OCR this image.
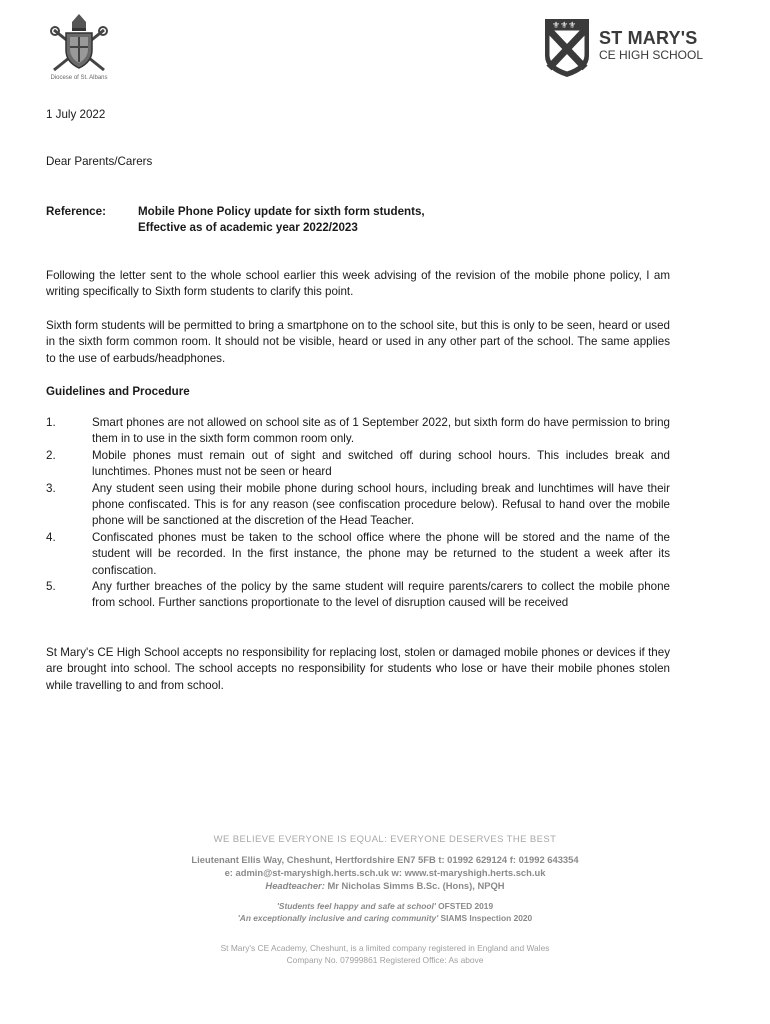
Diocese of St. Albans
⚜⚜⚜
ST MARY'S
CE HIGH SCHOOL
1 July 2022
Dear Parents/Carers
Reference:	Mobile Phone Policy update for sixth form students,
Effective as of academic year 2022/2023

Following the letter sent to the whole school earlier this week advising of the revision of the mobile phone policy, I am writing specifically to Sixth form students to clarify this point.

Sixth form students will be permitted to bring a smartphone on to the school site, but this is only to be seen, heard or used in the sixth form common room. It should not be visible, heard or used in any other part of the school. The same applies to the use of earbuds/headphones.

Guidelines and Procedure
1.	Smart phones are not allowed on school site as of 1 September 2022, but sixth form do have permission to bring them in to use in the sixth form common room only.
2.	Mobile phones must remain out of sight and switched off during school hours. This includes break and lunchtimes. Phones must not be seen or heard
3.	Any student seen using their mobile phone during school hours, including break and lunchtimes will have their phone confiscated. This is for any reason (see confiscation procedure below). Refusal to hand over the mobile phone will be sanctioned at the discretion of the Head Teacher.
4.	Confiscated phones must be taken to the school office where the phone will be stored and the name of the student will be recorded. In the first instance, the phone may be returned to the student a week after its confiscation.
5.	Any further breaches of the policy by the same student will require parents/carers to collect the mobile phone from school. Further sanctions proportionate to the level of disruption caused will be received

St Mary's CE High School accepts no responsibility for replacing lost, stolen or damaged mobile phones or devices if they are brought into school. The school accepts no responsibility for students who lose or have their mobile phones stolen while travelling to and from school.

WE BELIEVE EVERYONE IS EQUAL: EVERYONE DESERVES THE BEST
Lieutenant Ellis Way, Cheshunt, Hertfordshire EN7 5FB t: 01992 629124 f: 01992 643354
e: admin@st-maryshigh.herts.sch.uk w: www.st-maryshigh.herts.sch.uk
Headteacher: Mr Nicholas Simms B.Sc. (Hons), NPQH
'Students feel happy and safe at school' OFSTED 2019
'An exceptionally inclusive and caring community' SIAMS Inspection 2020
St Mary's CE Academy, Cheshunt, is a limited company registered in England and Wales
Company No. 07999861 Registered Office: As above
